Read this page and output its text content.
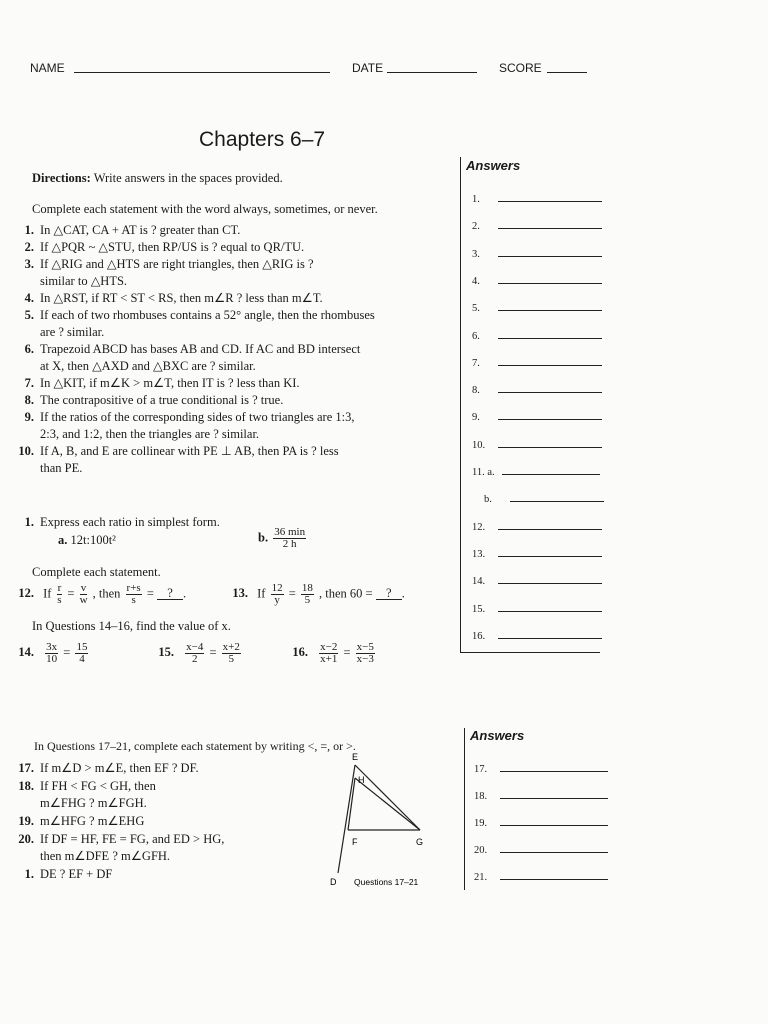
NAME	DATE	SCORE
Chapters 6–7
Directions: Write answers in the spaces provided.
Complete each statement with the word always, sometimes, or never.
1. In △CAT, CA + AT is ? greater than CT.
2. If △PQR ~ △STU, then RP/US is ? equal to QR/TU.
3. If △RIG and △HTS are right triangles, then △RIG is ?
similar to △HTS.
4. In △RST, if RT < ST < RS, then m∠R ? less than m∠T.
5. If each of two rhombuses contains a 52° angle, then the rhombuses
are ? similar.
6. Trapezoid ABCD has bases AB and CD. If AC and BD intersect
at X, then △AXD and △BXC are ? similar.
7. In △KIT, if m∠K > m∠T, then IT is ? less than KI.
8. The contrapositive of a true conditional is ? true.
9. If the ratios of the corresponding sides of two triangles are 1:3,
2:3, and 1:2, then the triangles are ? similar.
10. If A, B, and E are collinear with PE ⊥ AB, then PA is ? less
than PE.
1. Express each ratio in simplest form.
a. 12t:100t²	b. $\frac{36 \min}{2 h}$
Complete each statement.
12. If $\frac{r}{s} = \frac{v}{w}$ , then $\frac{r+s}{s}$ = ? .	13. If $\frac{12}{y} = \frac{18}{5}$ , then 60 = ? .
In Questions 14–16, find the value of x.
14. $\frac{3x}{10} = \frac{15}{4}$	15. $\frac{x-4}{2} = \frac{x+2}{5}$	16. $\frac{x-2}{x+1} = \frac{x-5}{x-3}$
Answers
1.
2.
3.
4.
5.
6.
7.
8.
9.
10.
11. a.
b.
12.
13.
14.
15.
16.
In Questions 17–21, complete each statement by writing <, =, or >.
17. If m∠D > m∠E, then EF ? DF.
18. If FH < FG < GH, then
m∠FHG ? m∠FGH.
19. m∠HFG ? m∠EHG
20. If DF = HF, FE = FG, and ED > HG,
then m∠DFE ? m∠GFH.
1. DE ? EF + DF
E
H
F	G
D Questions 17–21
Answers
17.
18.
19.
20.
21.
